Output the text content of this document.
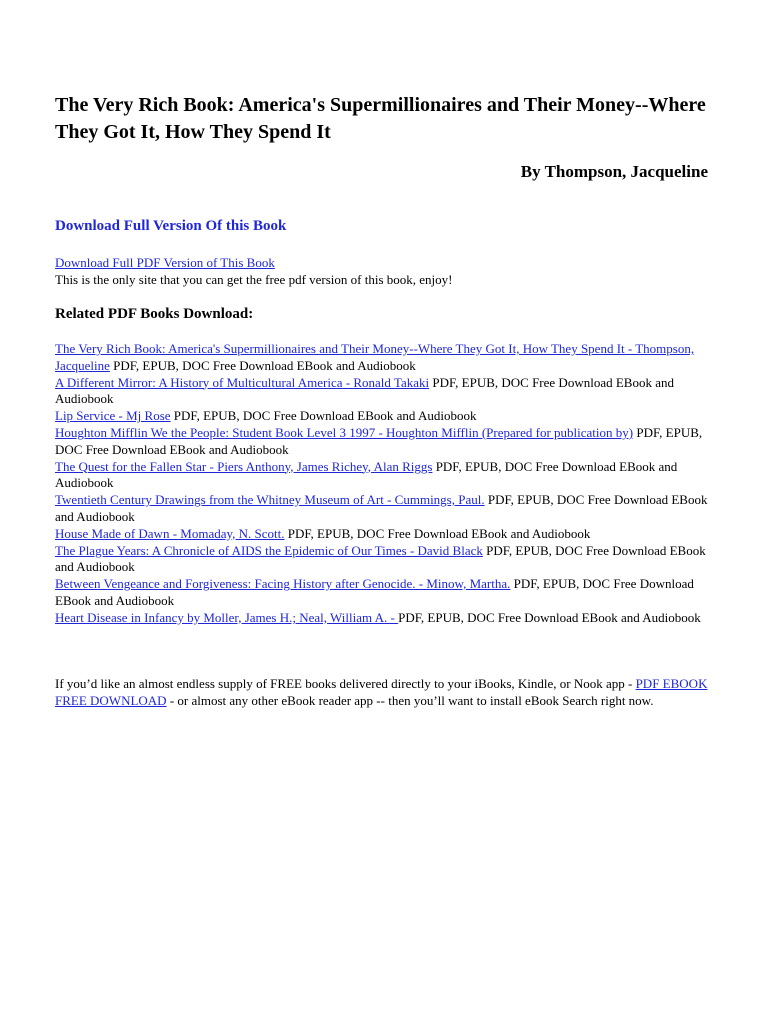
The Very Rich Book: America's Supermillionaires and Their Money--Where They Got It, How They Spend It

By Thompson, Jacqueline

Download Full Version Of this Book

Download Full PDF Version of This Book
This is the only site that you can get the free pdf version of this book, enjoy!

Related PDF Books Download:

The Very Rich Book: America's Supermillionaires and Their Money--Where They Got It, How They Spend It - Thompson, Jacqueline PDF, EPUB, DOC Free Download EBook and Audiobook
A Different Mirror: A History of Multicultural America - Ronald Takaki PDF, EPUB, DOC Free Download EBook and Audiobook
Lip Service - Mj Rose PDF, EPUB, DOC Free Download EBook and Audiobook
Houghton Mifflin We the People: Student Book Level 3 1997 - Houghton Mifflin (Prepared for publication by) PDF, EPUB, DOC Free Download EBook and Audiobook
The Quest for the Fallen Star - Piers Anthony, James Richey, Alan Riggs PDF, EPUB, DOC Free Download EBook and Audiobook
Twentieth Century Drawings from the Whitney Museum of Art - Cummings, Paul. PDF, EPUB, DOC Free Download EBook and Audiobook
House Made of Dawn - Momaday, N. Scott. PDF, EPUB, DOC Free Download EBook and Audiobook
The Plague Years: A Chronicle of AIDS the Epidemic of Our Times - David Black PDF, EPUB, DOC Free Download EBook and Audiobook
Between Vengeance and Forgiveness: Facing History after Genocide. - Minow, Martha. PDF, EPUB, DOC Free Download EBook and Audiobook
Heart Disease in Infancy by Moller, James H.; Neal, William A. - PDF, EPUB, DOC Free Download EBook and Audiobook
If you’d like an almost endless supply of FREE books delivered directly to your iBooks, Kindle, or Nook app - PDF EBOOK FREE DOWNLOAD - or almost any other eBook reader app -- then you’ll want to install eBook Search right now.
